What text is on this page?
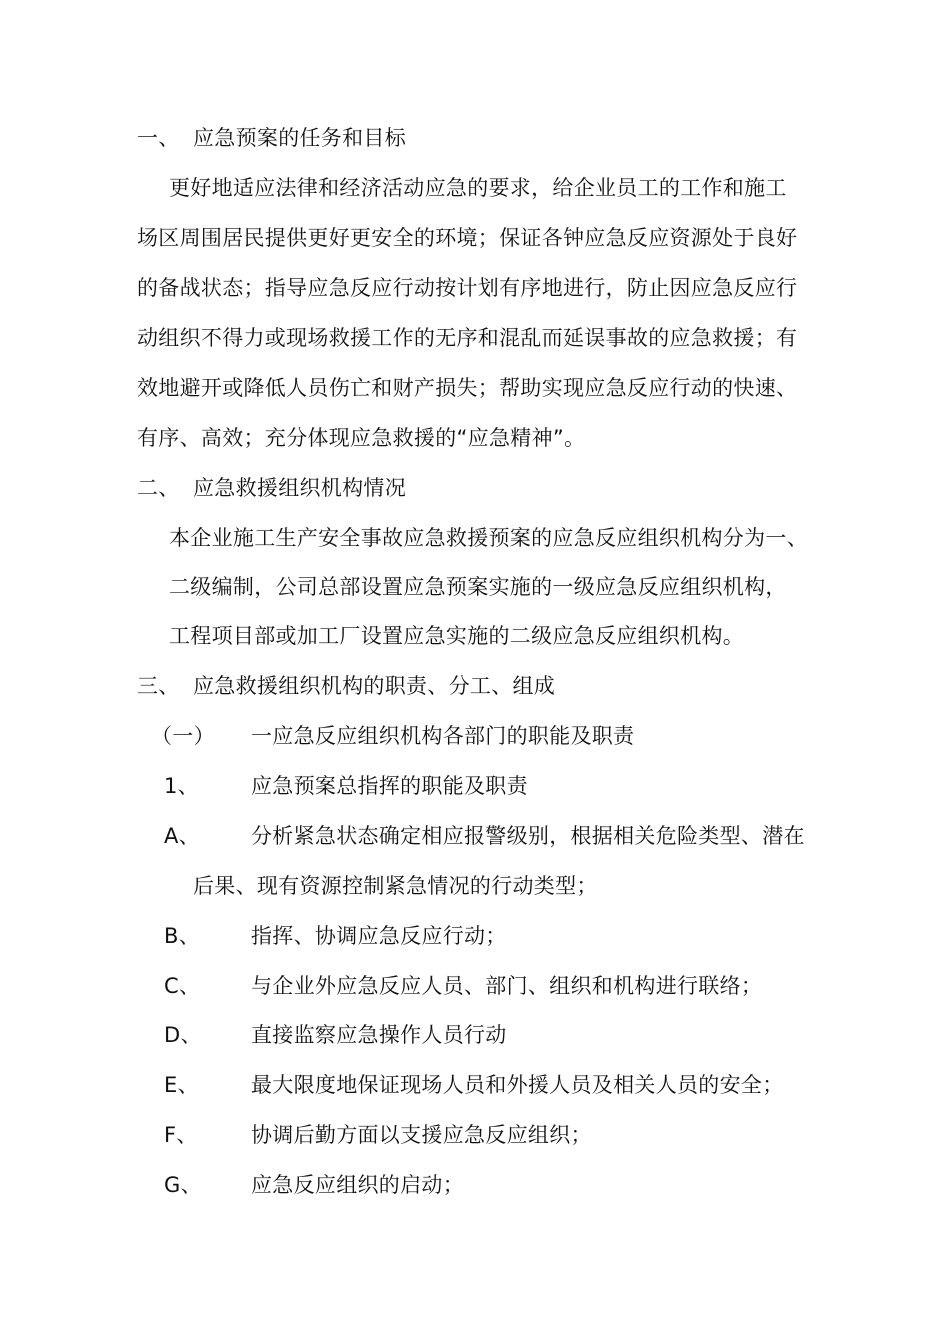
一、 应急预案的任务和目标
更好地适应法律和经济活动应急的要求，给企业员工的工作和施工
场区周围居民提供更好更安全的环境；保证各钟应急反应资源处于良好
的备战状态；指导应急反应行动按计划有序地进行，防止因应急反应行
动组织不得力或现场救援工作的无序和混乱而延误事故的应急救援；有
效地避开或降低人员伤亡和财产损失；帮助实现应急反应行动的快速、
有序、高效；充分体现应急救援的“应急精神”。
二、 应急救援组织机构情况
本企业施工生产安全事故应急救援预案的应急反应组织机构分为一、
二级编制，公司总部设置应急预案实施的一级应急反应组织机构，
工程项目部或加工厂设置应急实施的二级应急反应组织机构。
三、 应急救援组织机构的职责、分工、组成
（一） 一应急反应组织机构各部门的职能及职责
1、 应急预案总指挥的职能及职责
A、 分析紧急状态确定相应报警级别，根据相关危险类型、潜在
后果、现有资源控制紧急情况的行动类型；
B、 指挥、协调应急反应行动；
C、 与企业外应急反应人员、部门、组织和机构进行联络；
D、 直接监察应急操作人员行动
E、 最大限度地保证现场人员和外援人员及相关人员的安全；
F、	协调后勤方面以支援应急反应组织；
G、 应急反应组织的启动；
